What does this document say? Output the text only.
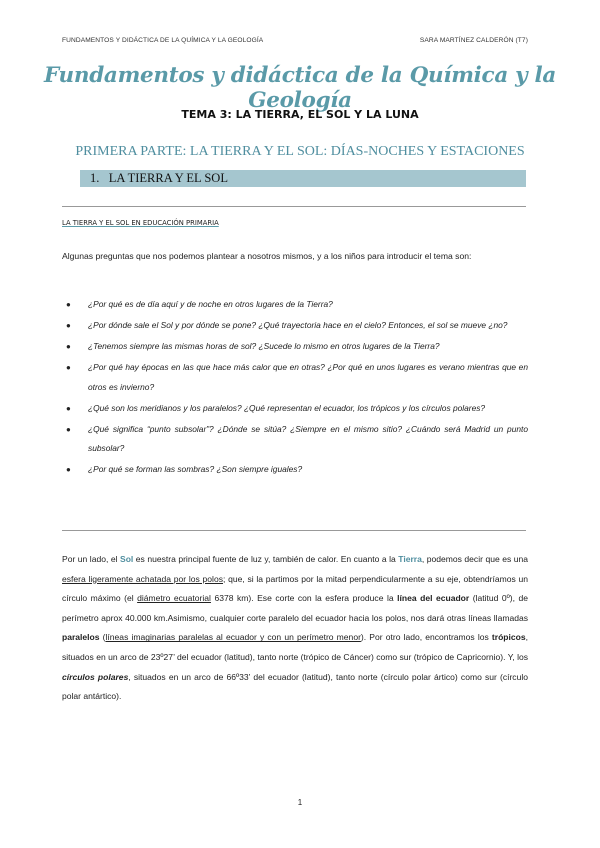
FUNDAMENTOS Y DIDÁCTICA DE LA QUÍMICA Y LA GEOLOGÍA	SARA MARTÍNEZ CALDERÓN (T7)
Fundamentos y didáctica de la Química y la Geología
TEMA 3: LA TIERRA, EL SOL Y LA LUNA
PRIMERA PARTE: LA TIERRA Y EL SOL: DÍAS-NOCHES Y ESTACIONES
1. LA TIERRA Y EL SOL
LA TIERRA Y EL SOL EN EDUCACIÓN PRIMARIA
Algunas preguntas que nos podemos plantear a nosotros mismos, y a los niños para introducir el tema son:
● ¿Por qué es de día aquí y de noche en otros lugares de la Tierra?
● ¿Por dónde sale el Sol y por dónde se pone? ¿Qué trayectoria hace en el cielo? Entonces, el sol se mueve ¿no?
● ¿Tenemos siempre las mismas horas de sol? ¿Sucede lo mismo en otros lugares de la Tierra?
● ¿Por qué hay épocas en las que hace más calor que en otras? ¿Por qué en unos lugares es verano mientras que en otros es invierno?
● ¿Qué son los meridianos y los paralelos? ¿Qué representan el ecuador, los trópicos y los círculos polares?
● ¿Qué significa “punto subsolar”? ¿Dónde se sitúa? ¿Siempre en el mismo sitio? ¿Cuándo será Madrid un punto subsolar?
● ¿Por qué se forman las sombras? ¿Son siempre iguales?
Por un lado, el Sol es nuestra principal fuente de luz y, también de calor. En cuanto a la Tierra, podemos decir que es una esfera ligeramente achatada por los polos; que, si la partimos por la mitad perpendicularmente a su eje, obtendríamos un círculo máximo (el diámetro ecuatorial 6378 km). Ese corte con la esfera produce la línea del ecuador (latitud 0º), de perímetro aprox 40.000 km.Asimismo, cualquier corte paralelo del ecuador hacia los polos, nos dará otras líneas llamadas paralelos (líneas imaginarias paralelas al ecuador y con un perímetro menor). Por otro lado, encontramos los trópicos, situados en un arco de 23º27’ del ecuador (latitud), tanto norte (trópico de Cáncer) como sur (trópico de Capricornio). Y, los círculos polares, situados en un arco de 66º33’ del ecuador (latitud), tanto norte (círculo polar ártico) como sur (círculo polar antártico).
1
